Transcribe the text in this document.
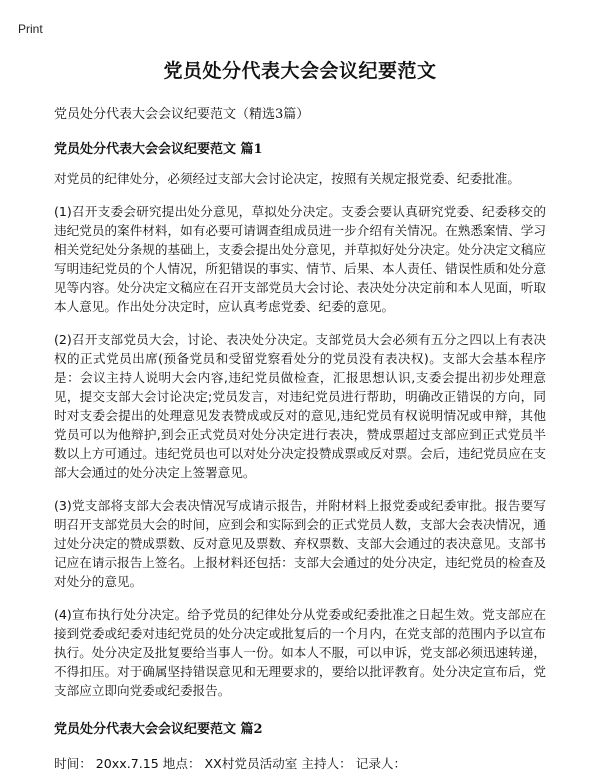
Print
党员处分代表大会会议纪要范文
党员处分代表大会会议纪要范文（精选3篇）
党员处分代表大会会议纪要范文 篇1

对党员的纪律处分，必须经过支部大会讨论决定，按照有关规定报党委、纪委批准。

(1)召开支委会研究提出处分意见，草拟处分决定。支委会要认真研究党委、纪委移交的违纪党员的案件材料，如有必要可请调查组成员进一步介绍有关情况。在熟悉案情、学习相关党纪处分条规的基础上，支委会提出处分意见，并草拟好处分决定。处分决定文稿应写明违纪党员的个人情况，所犯错误的事实、情节、后果、本人责任、错误性质和处分意见等内容。处分决定文稿应在召开支部党员大会讨论、表决处分决定前和本人见面，听取本人意见。作出处分决定时，应认真考虑党委、纪委的意见。

(2)召开支部党员大会，讨论、表决处分决定。支部党员大会必须有五分之四以上有表决权的正式党员出席(预备党员和受留党察看处分的党员没有表决权)。支部大会基本程序是：会议主持人说明大会内容,违纪党员做检查，汇报思想认识,支委会提出初步处理意见，提交支部大会讨论决定;党员发言，对违纪党员进行帮助，明确改正错误的方向，同时对支委会提出的处理意见发表赞成或反对的意见,违纪党员有权说明情况或申辩，其他党员可以为他辩护,到会正式党员对处分决定进行表决，赞成票超过支部应到正式党员半数以上方可通过。违纪党员也可以对处分决定投赞成票或反对票。会后，违纪党员应在支部大会通过的处分决定上签署意见。

(3)党支部将支部大会表决情况写成请示报告，并附材料上报党委或纪委审批。报告要写明召开支部党员大会的时间，应到会和实际到会的正式党员人数，支部大会表决情况，通过处分决定的赞成票数、反对意见及票数、弃权票数、支部大会通过的表决意见。支部书记应在请示报告上签名。上报材料还包括：支部大会通过的处分决定，违纪党员的检查及对处分的意见。

(4)宣布执行处分决定。给予党员的纪律处分从党委或纪委批准之日起生效。党支部应在接到党委或纪委对违纪党员的处分决定或批复后的一个月内，在党支部的范围内予以宣布执行。处分决定及批复要给当事人一份。如本人不服，可以申诉，党支部必须迅速转递，不得扣压。对于确属坚持错误意见和无理要求的，要给以批评教育。处分决定宣布后，党支部应立即向党委或纪委报告。

党员处分代表大会会议纪要范文 篇2
时间： 20xx.7.15 地点： XX村党员活动室 主持人： 记录人：
